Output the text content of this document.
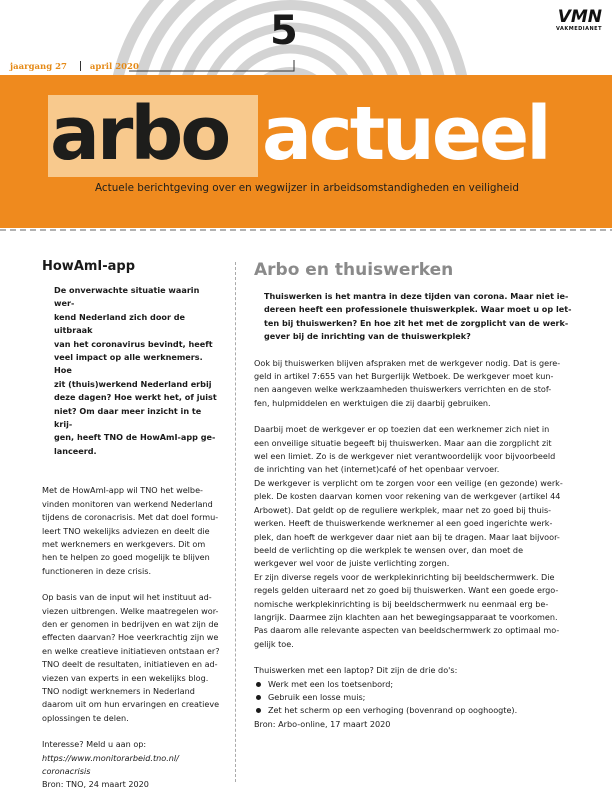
5	VMN
VAKMEDIANET
jaargang 27	april 2020
arbo actueel
Actuele berichtgeving over en wegwijzer in arbeidsomstandigheden en veiligheid
HowAmI-app
De onverwachte situatie waarin wer-
kend Nederland zich door de uitbraak
van het coronavirus bevindt, heeft
veel impact op alle werknemers. Hoe
zit (thuis)werkend Nederland erbij
deze dagen? Hoe werkt het, of juist
niet? Om daar meer inzicht in te krij-
gen, heeft TNO de HowAmI-app ge-
lanceerd.

Met de HowAmI-app wil TNO het welbe-

vinden monitoren van werkend Nederland

tijdens de coronacrisis. Met dat doel formu-

leert TNO wekelijks adviezen en deelt die

met werknemers en werkgevers. Dit om

hen te helpen zo goed mogelijk te blijven

functioneren in deze crisis.

Op basis van de input wil het instituut ad-

viezen uitbrengen. Welke maatregelen wor-

den er genomen in bedrijven en wat zijn de

effecten daarvan? Hoe veerkrachtig zijn we

en welke creatieve initiatieven ontstaan er?

TNO deelt de resultaten, initiatieven en ad-

viezen van experts in een wekelijks blog.

TNO nodigt werknemers in Nederland

daarom uit om hun ervaringen en creatieve

oplossingen te delen.

Interesse? Meld u aan op:

https://www.monitorarbeid.tno.nl/

coronacrisis

Bron: TNO, 24 maart 2020

Arbo en thuiswerken
Thuiswerken is het mantra in deze tijden van corona. Maar niet ie-
dereen heeft een professionele thuiswerkplek. Waar moet u op let-
ten bij thuiswerken? En hoe zit het met de zorgplicht van de werk-
gever bij de inrichting van de thuiswerkplek?

Ook bij thuiswerken blijven afspraken met de werkgever nodig. Dat is gere-

geld in artikel 7:655 van het Burgerlijk Wetboek. De werkgever moet kun-

nen aangeven welke werkzaamheden thuiswerkers verrichten en de stof-

fen, hulpmiddelen en werktuigen die zij daarbij gebruiken.

Daarbij moet de werkgever er op toezien dat een werknemer zich niet in

een onveilige situatie begeeft bij thuiswerken. Maar aan die zorgplicht zit

wel een limiet. Zo is de werkgever niet verantwoordelijk voor bijvoorbeeld

de inrichting van het (internet)café of het openbaar vervoer.

De werkgever is verplicht om te zorgen voor een veilige (en gezonde) werk-

plek. De kosten daarvan komen voor rekening van de werkgever (artikel 44

Arbowet). Dat geldt op de reguliere werkplek, maar net zo goed bij thuis-

werken. Heeft de thuiswerkende werknemer al een goed ingerichte werk-

plek, dan hoeft de werkgever daar niet aan bij te dragen. Maar laat bijvoor-

beeld de verlichting op die werkplek te wensen over, dan moet de

werkgever wel voor de juiste verlichting zorgen.

Er zijn diverse regels voor de werkplekinrichting bij beeldschermwerk. Die

regels gelden uiteraard net zo goed bij thuiswerken. Want een goede ergo-

nomische werkplekinrichting is bij beeldschermwerk nu eenmaal erg be-

langrijk. Daarmee zijn klachten aan het bewegingsapparaat te voorkomen.

Pas daarom alle relevante aspecten van beeldschermwerk zo optimaal mo-

gelijk toe.

Thuiswerken met een laptop? Dit zijn de drie do's:

Werk met een los toetsenbord;
Gebruik een losse muis;
Zet het scherm op een verhoging (bovenrand op ooghoogte).

Bron: Arbo-online, 17 maart 2020
